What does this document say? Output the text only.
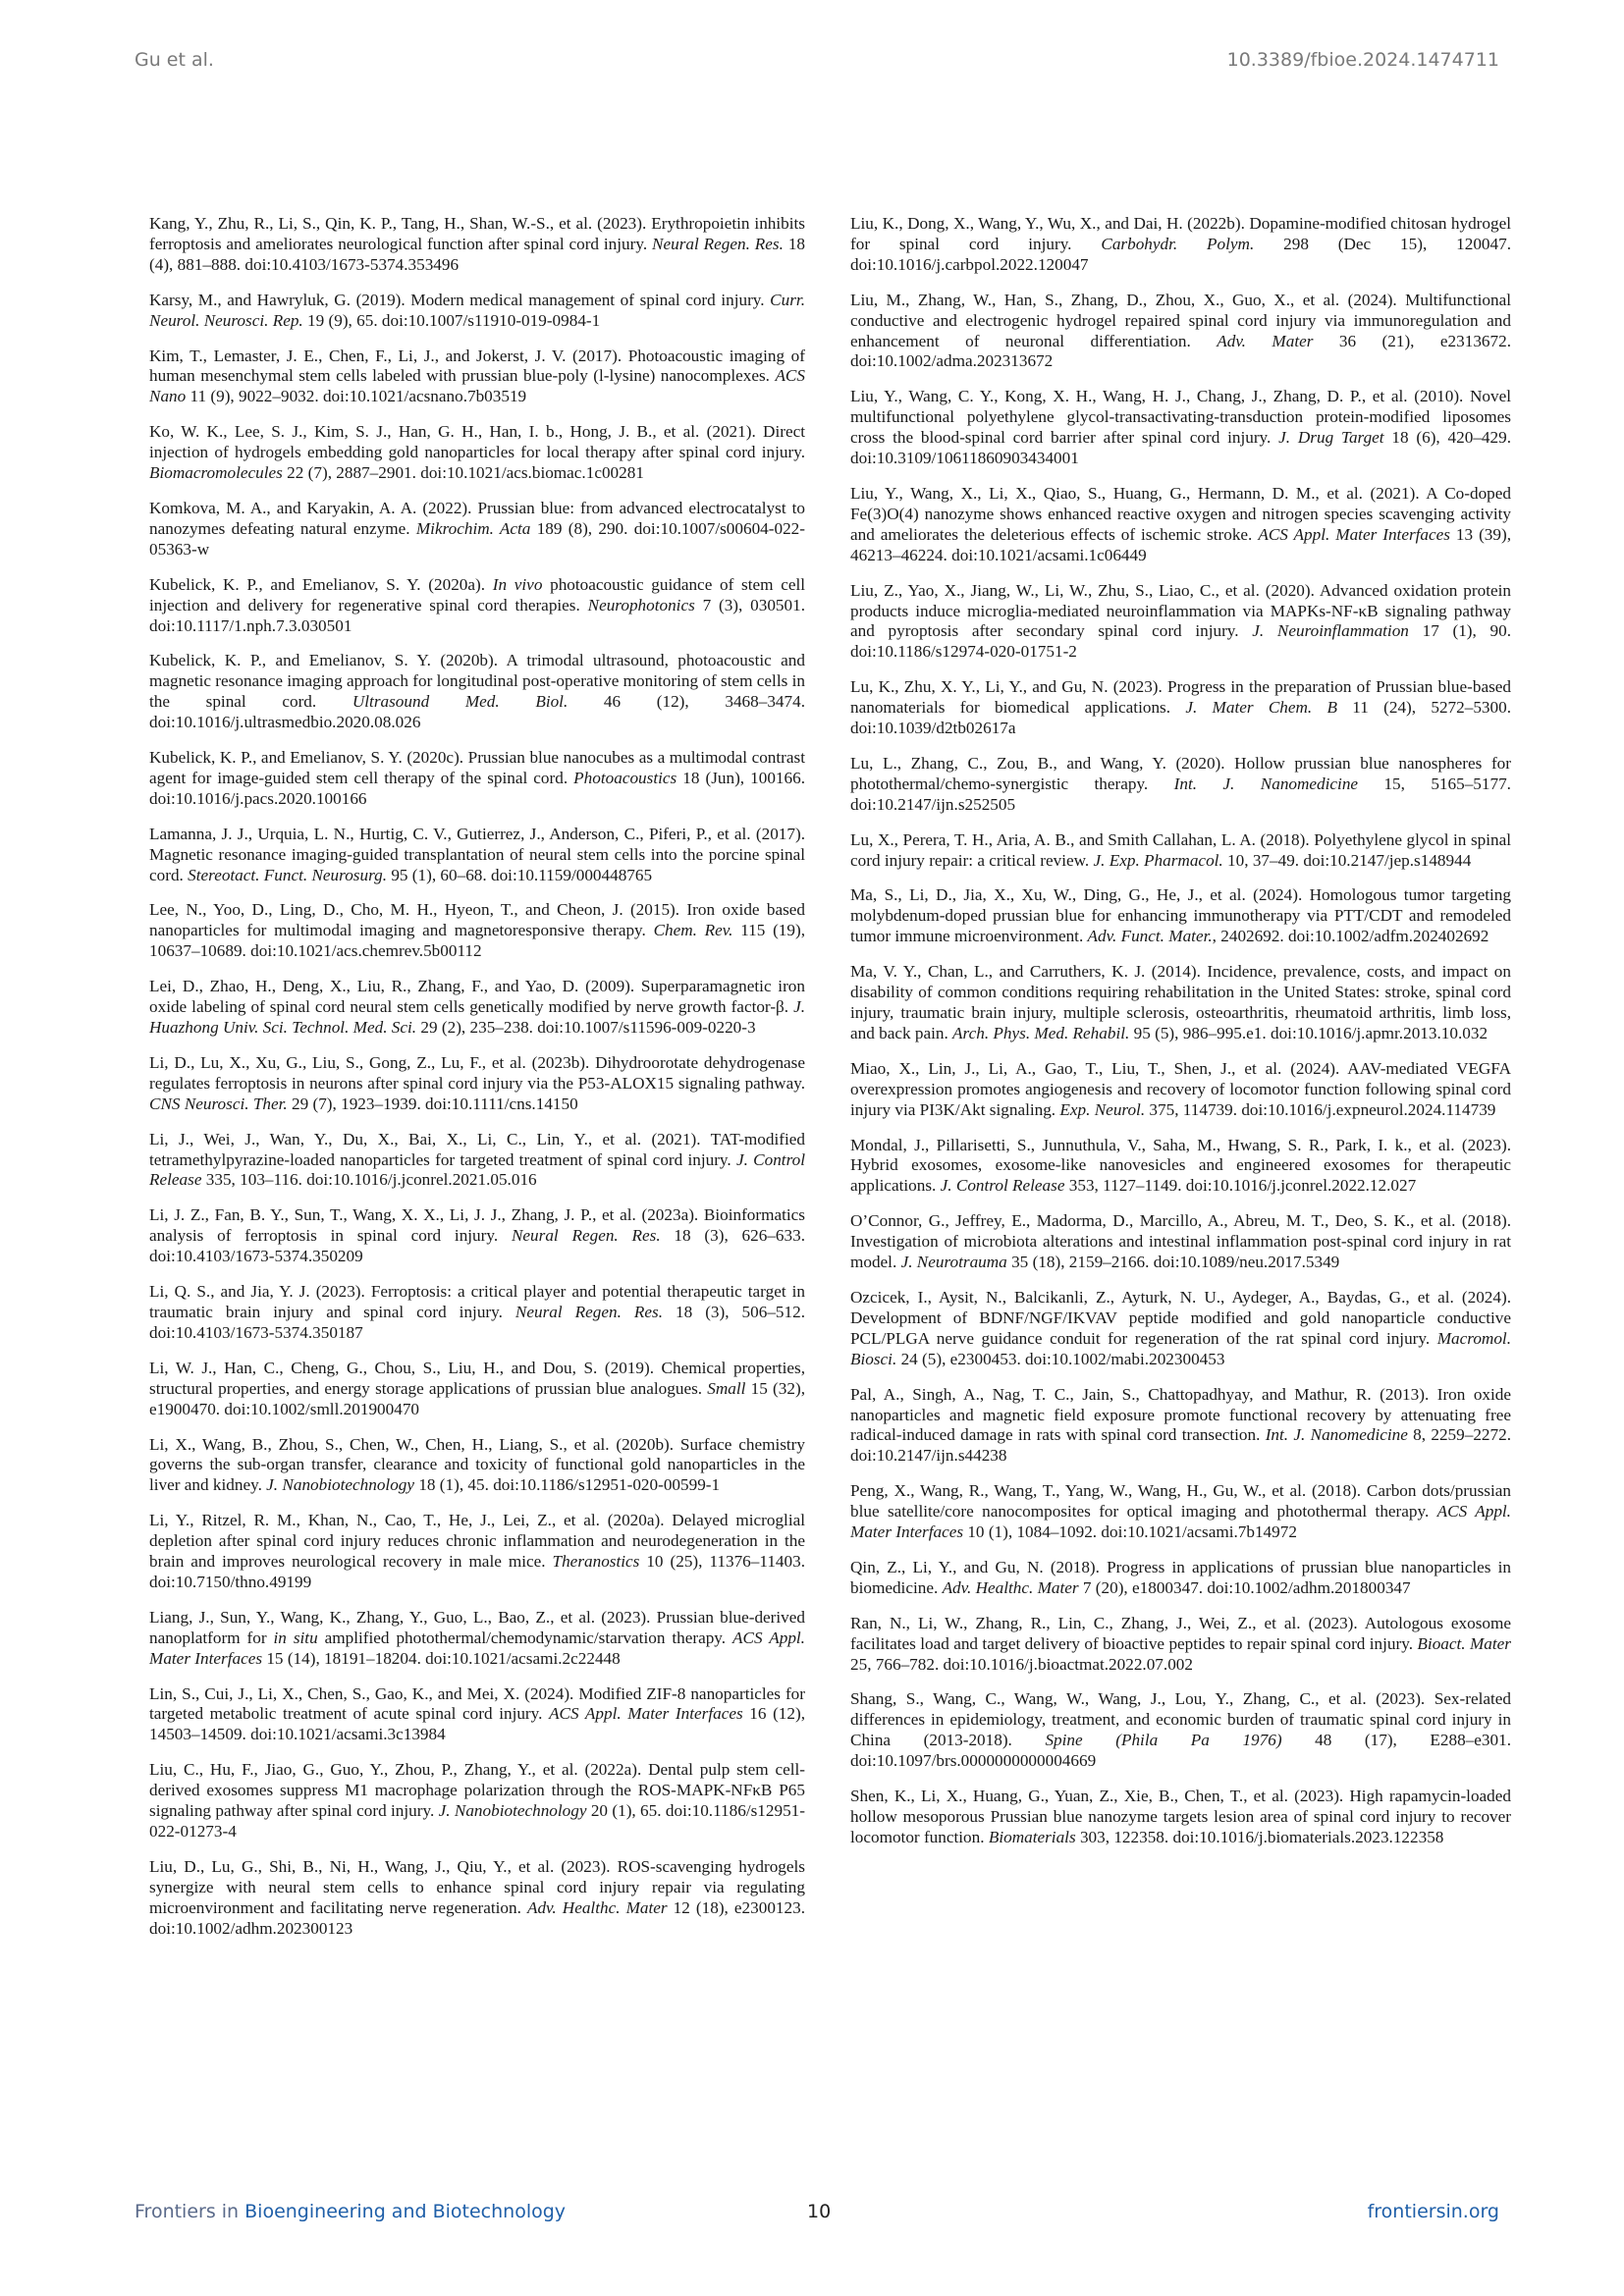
Gu et al.	10.3389/fbioe.2024.1474711

Kang, Y., Zhu, R., Li, S., Qin, K. P., Tang, H., Shan, W.-S., et al. (2023). Erythropoietin inhibits ferroptosis and ameliorates neurological function after spinal cord injury. Neural Regen. Res. 18 (4), 881–888. doi:10.4103/1673-5374.353496

Karsy, M., and Hawryluk, G. (2019). Modern medical management of spinal cord injury. Curr. Neurol. Neurosci. Rep. 19 (9), 65. doi:10.1007/s11910-019-0984-1

Kim, T., Lemaster, J. E., Chen, F., Li, J., and Jokerst, J. V. (2017). Photoacoustic imaging of human mesenchymal stem cells labeled with prussian blue-poly (l-lysine) nanocomplexes. ACS Nano 11 (9), 9022–9032. doi:10.1021/acsnano.7b03519

Ko, W. K., Lee, S. J., Kim, S. J., Han, G. H., Han, I. b., Hong, J. B., et al. (2021). Direct injection of hydrogels embedding gold nanoparticles for local therapy after spinal cord injury. Biomacromolecules 22 (7), 2887–2901. doi:10.1021/acs.biomac.1c00281

Komkova, M. A., and Karyakin, A. A. (2022). Prussian blue: from advanced electrocatalyst to nanozymes defeating natural enzyme. Mikrochim. Acta 189 (8), 290. doi:10.1007/s00604-022-05363-w

Kubelick, K. P., and Emelianov, S. Y. (2020a). In vivo photoacoustic guidance of stem cell injection and delivery for regenerative spinal cord therapies. Neurophotonics 7 (3), 030501. doi:10.1117/1.nph.7.3.030501

Kubelick, K. P., and Emelianov, S. Y. (2020b). A trimodal ultrasound, photoacoustic and magnetic resonance imaging approach for longitudinal post-operative monitoring of stem cells in the spinal cord. Ultrasound Med. Biol. 46 (12), 3468–3474. doi:10.1016/j.ultrasmedbio.2020.08.026

Kubelick, K. P., and Emelianov, S. Y. (2020c). Prussian blue nanocubes as a multimodal contrast agent for image-guided stem cell therapy of the spinal cord. Photoacoustics 18 (Jun), 100166. doi:10.1016/j.pacs.2020.100166

Lamanna, J. J., Urquia, L. N., Hurtig, C. V., Gutierrez, J., Anderson, C., Piferi, P., et al. (2017). Magnetic resonance imaging-guided transplantation of neural stem cells into the porcine spinal cord. Stereotact. Funct. Neurosurg. 95 (1), 60–68. doi:10.1159/000448765

Lee, N., Yoo, D., Ling, D., Cho, M. H., Hyeon, T., and Cheon, J. (2015). Iron oxide based nanoparticles for multimodal imaging and magnetoresponsive therapy. Chem. Rev. 115 (19), 10637–10689. doi:10.1021/acs.chemrev.5b00112

Lei, D., Zhao, H., Deng, X., Liu, R., Zhang, F., and Yao, D. (2009). Superparamagnetic iron oxide labeling of spinal cord neural stem cells genetically modified by nerve growth factor-β. J. Huazhong Univ. Sci. Technol. Med. Sci. 29 (2), 235–238. doi:10.1007/s11596-009-0220-3

Li, D., Lu, X., Xu, G., Liu, S., Gong, Z., Lu, F., et al. (2023b). Dihydroorotate dehydrogenase regulates ferroptosis in neurons after spinal cord injury via the P53-ALOX15 signaling pathway. CNS Neurosci. Ther. 29 (7), 1923–1939. doi:10.1111/cns.14150

Li, J., Wei, J., Wan, Y., Du, X., Bai, X., Li, C., Lin, Y., et al. (2021). TAT-modified tetramethylpyrazine-loaded nanoparticles for targeted treatment of spinal cord injury. J. Control Release 335, 103–116. doi:10.1016/j.jconrel.2021.05.016

Li, J. Z., Fan, B. Y., Sun, T., Wang, X. X., Li, J. J., Zhang, J. P., et al. (2023a). Bioinformatics analysis of ferroptosis in spinal cord injury. Neural Regen. Res. 18 (3), 626–633. doi:10.4103/1673-5374.350209

Li, Q. S., and Jia, Y. J. (2023). Ferroptosis: a critical player and potential therapeutic target in traumatic brain injury and spinal cord injury. Neural Regen. Res. 18 (3), 506–512. doi:10.4103/1673-5374.350187

Li, W. J., Han, C., Cheng, G., Chou, S., Liu, H., and Dou, S. (2019). Chemical properties, structural properties, and energy storage applications of prussian blue analogues. Small 15 (32), e1900470. doi:10.1002/smll.201900470

Li, X., Wang, B., Zhou, S., Chen, W., Chen, H., Liang, S., et al. (2020b). Surface chemistry governs the sub-organ transfer, clearance and toxicity of functional gold nanoparticles in the liver and kidney. J. Nanobiotechnology 18 (1), 45. doi:10.1186/s12951-020-00599-1

Li, Y., Ritzel, R. M., Khan, N., Cao, T., He, J., Lei, Z., et al. (2020a). Delayed microglial depletion after spinal cord injury reduces chronic inflammation and neurodegeneration in the brain and improves neurological recovery in male mice. Theranostics 10 (25), 11376–11403. doi:10.7150/thno.49199

Liang, J., Sun, Y., Wang, K., Zhang, Y., Guo, L., Bao, Z., et al. (2023). Prussian blue-derived nanoplatform for in situ amplified photothermal/chemodynamic/starvation therapy. ACS Appl. Mater Interfaces 15 (14), 18191–18204. doi:10.1021/acsami.2c22448

Lin, S., Cui, J., Li, X., Chen, S., Gao, K., and Mei, X. (2024). Modified ZIF-8 nanoparticles for targeted metabolic treatment of acute spinal cord injury. ACS Appl. Mater Interfaces 16 (12), 14503–14509. doi:10.1021/acsami.3c13984

Liu, C., Hu, F., Jiao, G., Guo, Y., Zhou, P., Zhang, Y., et al. (2022a). Dental pulp stem cell-derived exosomes suppress M1 macrophage polarization through the ROS-MAPK-NFκB P65 signaling pathway after spinal cord injury. J. Nanobiotechnology 20 (1), 65. doi:10.1186/s12951-022-01273-4

Liu, D., Lu, G., Shi, B., Ni, H., Wang, J., Qiu, Y., et al. (2023). ROS-scavenging hydrogels synergize with neural stem cells to enhance spinal cord injury repair via regulating microenvironment and facilitating nerve regeneration. Adv. Healthc. Mater 12 (18), e2300123. doi:10.1002/adhm.202300123

Liu, K., Dong, X., Wang, Y., Wu, X., and Dai, H. (2022b). Dopamine-modified chitosan hydrogel for spinal cord injury. Carbohydr. Polym. 298 (Dec 15), 120047. doi:10.1016/j.carbpol.2022.120047

Liu, M., Zhang, W., Han, S., Zhang, D., Zhou, X., Guo, X., et al. (2024). Multifunctional conductive and electrogenic hydrogel repaired spinal cord injury via immunoregulation and enhancement of neuronal differentiation. Adv. Mater 36 (21), e2313672. doi:10.1002/adma.202313672

Liu, Y., Wang, C. Y., Kong, X. H., Wang, H. J., Chang, J., Zhang, D. P., et al. (2010). Novel multifunctional polyethylene glycol-transactivating-transduction protein-modified liposomes cross the blood-spinal cord barrier after spinal cord injury. J. Drug Target 18 (6), 420–429. doi:10.3109/10611860903434001

Liu, Y., Wang, X., Li, X., Qiao, S., Huang, G., Hermann, D. M., et al. (2021). A Co-doped Fe(3)O(4) nanozyme shows enhanced reactive oxygen and nitrogen species scavenging activity and ameliorates the deleterious effects of ischemic stroke. ACS Appl. Mater Interfaces 13 (39), 46213–46224. doi:10.1021/acsami.1c06449

Liu, Z., Yao, X., Jiang, W., Li, W., Zhu, S., Liao, C., et al. (2020). Advanced oxidation protein products induce microglia-mediated neuroinflammation via MAPKs-NF-κB signaling pathway and pyroptosis after secondary spinal cord injury. J. Neuroinflammation 17 (1), 90. doi:10.1186/s12974-020-01751-2

Lu, K., Zhu, X. Y., Li, Y., and Gu, N. (2023). Progress in the preparation of Prussian blue-based nanomaterials for biomedical applications. J. Mater Chem. B 11 (24), 5272–5300. doi:10.1039/d2tb02617a

Lu, L., Zhang, C., Zou, B., and Wang, Y. (2020). Hollow prussian blue nanospheres for photothermal/chemo-synergistic therapy. Int. J. Nanomedicine 15, 5165–5177. doi:10.2147/ijn.s252505

Lu, X., Perera, T. H., Aria, A. B., and Smith Callahan, L. A. (2018). Polyethylene glycol in spinal cord injury repair: a critical review. J. Exp. Pharmacol. 10, 37–49. doi:10.2147/jep.s148944

Ma, S., Li, D., Jia, X., Xu, W., Ding, G., He, J., et al. (2024). Homologous tumor targeting molybdenum-doped prussian blue for enhancing immunotherapy via PTT/CDT and remodeled tumor immune microenvironment. Adv. Funct. Mater., 2402692. doi:10.1002/adfm.202402692

Ma, V. Y., Chan, L., and Carruthers, K. J. (2014). Incidence, prevalence, costs, and impact on disability of common conditions requiring rehabilitation in the United States: stroke, spinal cord injury, traumatic brain injury, multiple sclerosis, osteoarthritis, rheumatoid arthritis, limb loss, and back pain. Arch. Phys. Med. Rehabil. 95 (5), 986–995.e1. doi:10.1016/j.apmr.2013.10.032

Miao, X., Lin, J., Li, A., Gao, T., Liu, T., Shen, J., et al. (2024). AAV-mediated VEGFA overexpression promotes angiogenesis and recovery of locomotor function following spinal cord injury via PI3K/Akt signaling. Exp. Neurol. 375, 114739. doi:10.1016/j.expneurol.2024.114739

Mondal, J., Pillarisetti, S., Junnuthula, V., Saha, M., Hwang, S. R., Park, I. k., et al. (2023). Hybrid exosomes, exosome-like nanovesicles and engineered exosomes for therapeutic applications. J. Control Release 353, 1127–1149. doi:10.1016/j.jconrel.2022.12.027

O’Connor, G., Jeffrey, E., Madorma, D., Marcillo, A., Abreu, M. T., Deo, S. K., et al. (2018). Investigation of microbiota alterations and intestinal inflammation post-spinal cord injury in rat model. J. Neurotrauma 35 (18), 2159–2166. doi:10.1089/neu.2017.5349

Ozcicek, I., Aysit, N., Balcikanli, Z., Ayturk, N. U., Aydeger, A., Baydas, G., et al. (2024). Development of BDNF/NGF/IKVAV peptide modified and gold nanoparticle conductive PCL/PLGA nerve guidance conduit for regeneration of the rat spinal cord injury. Macromol. Biosci. 24 (5), e2300453. doi:10.1002/mabi.202300453

Pal, A., Singh, A., Nag, T. C., Jain, S., Chattopadhyay, and Mathur, R. (2013). Iron oxide nanoparticles and magnetic field exposure promote functional recovery by attenuating free radical-induced damage in rats with spinal cord transection. Int. J. Nanomedicine 8, 2259–2272. doi:10.2147/ijn.s44238

Peng, X., Wang, R., Wang, T., Yang, W., Wang, H., Gu, W., et al. (2018). Carbon dots/prussian blue satellite/core nanocomposites for optical imaging and photothermal therapy. ACS Appl. Mater Interfaces 10 (1), 1084–1092. doi:10.1021/acsami.7b14972

Qin, Z., Li, Y., and Gu, N. (2018). Progress in applications of prussian blue nanoparticles in biomedicine. Adv. Healthc. Mater 7 (20), e1800347. doi:10.1002/adhm.201800347

Ran, N., Li, W., Zhang, R., Lin, C., Zhang, J., Wei, Z., et al. (2023). Autologous exosome facilitates load and target delivery of bioactive peptides to repair spinal cord injury. Bioact. Mater 25, 766–782. doi:10.1016/j.bioactmat.2022.07.002

Shang, S., Wang, C., Wang, W., Wang, J., Lou, Y., Zhang, C., et al. (2023). Sex-related differences in epidemiology, treatment, and economic burden of traumatic spinal cord injury in China (2013-2018). Spine (Phila Pa 1976) 48 (17), E288–e301. doi:10.1097/brs.0000000000004669

Shen, K., Li, X., Huang, G., Yuan, Z., Xie, B., Chen, T., et al. (2023). High rapamycin-loaded hollow mesoporous Prussian blue nanozyme targets lesion area of spinal cord injury to recover locomotor function. Biomaterials 303, 122358. doi:10.1016/j.biomaterials.2023.122358

Frontiers in Bioengineering and Biotechnology	10	frontiersin.org
